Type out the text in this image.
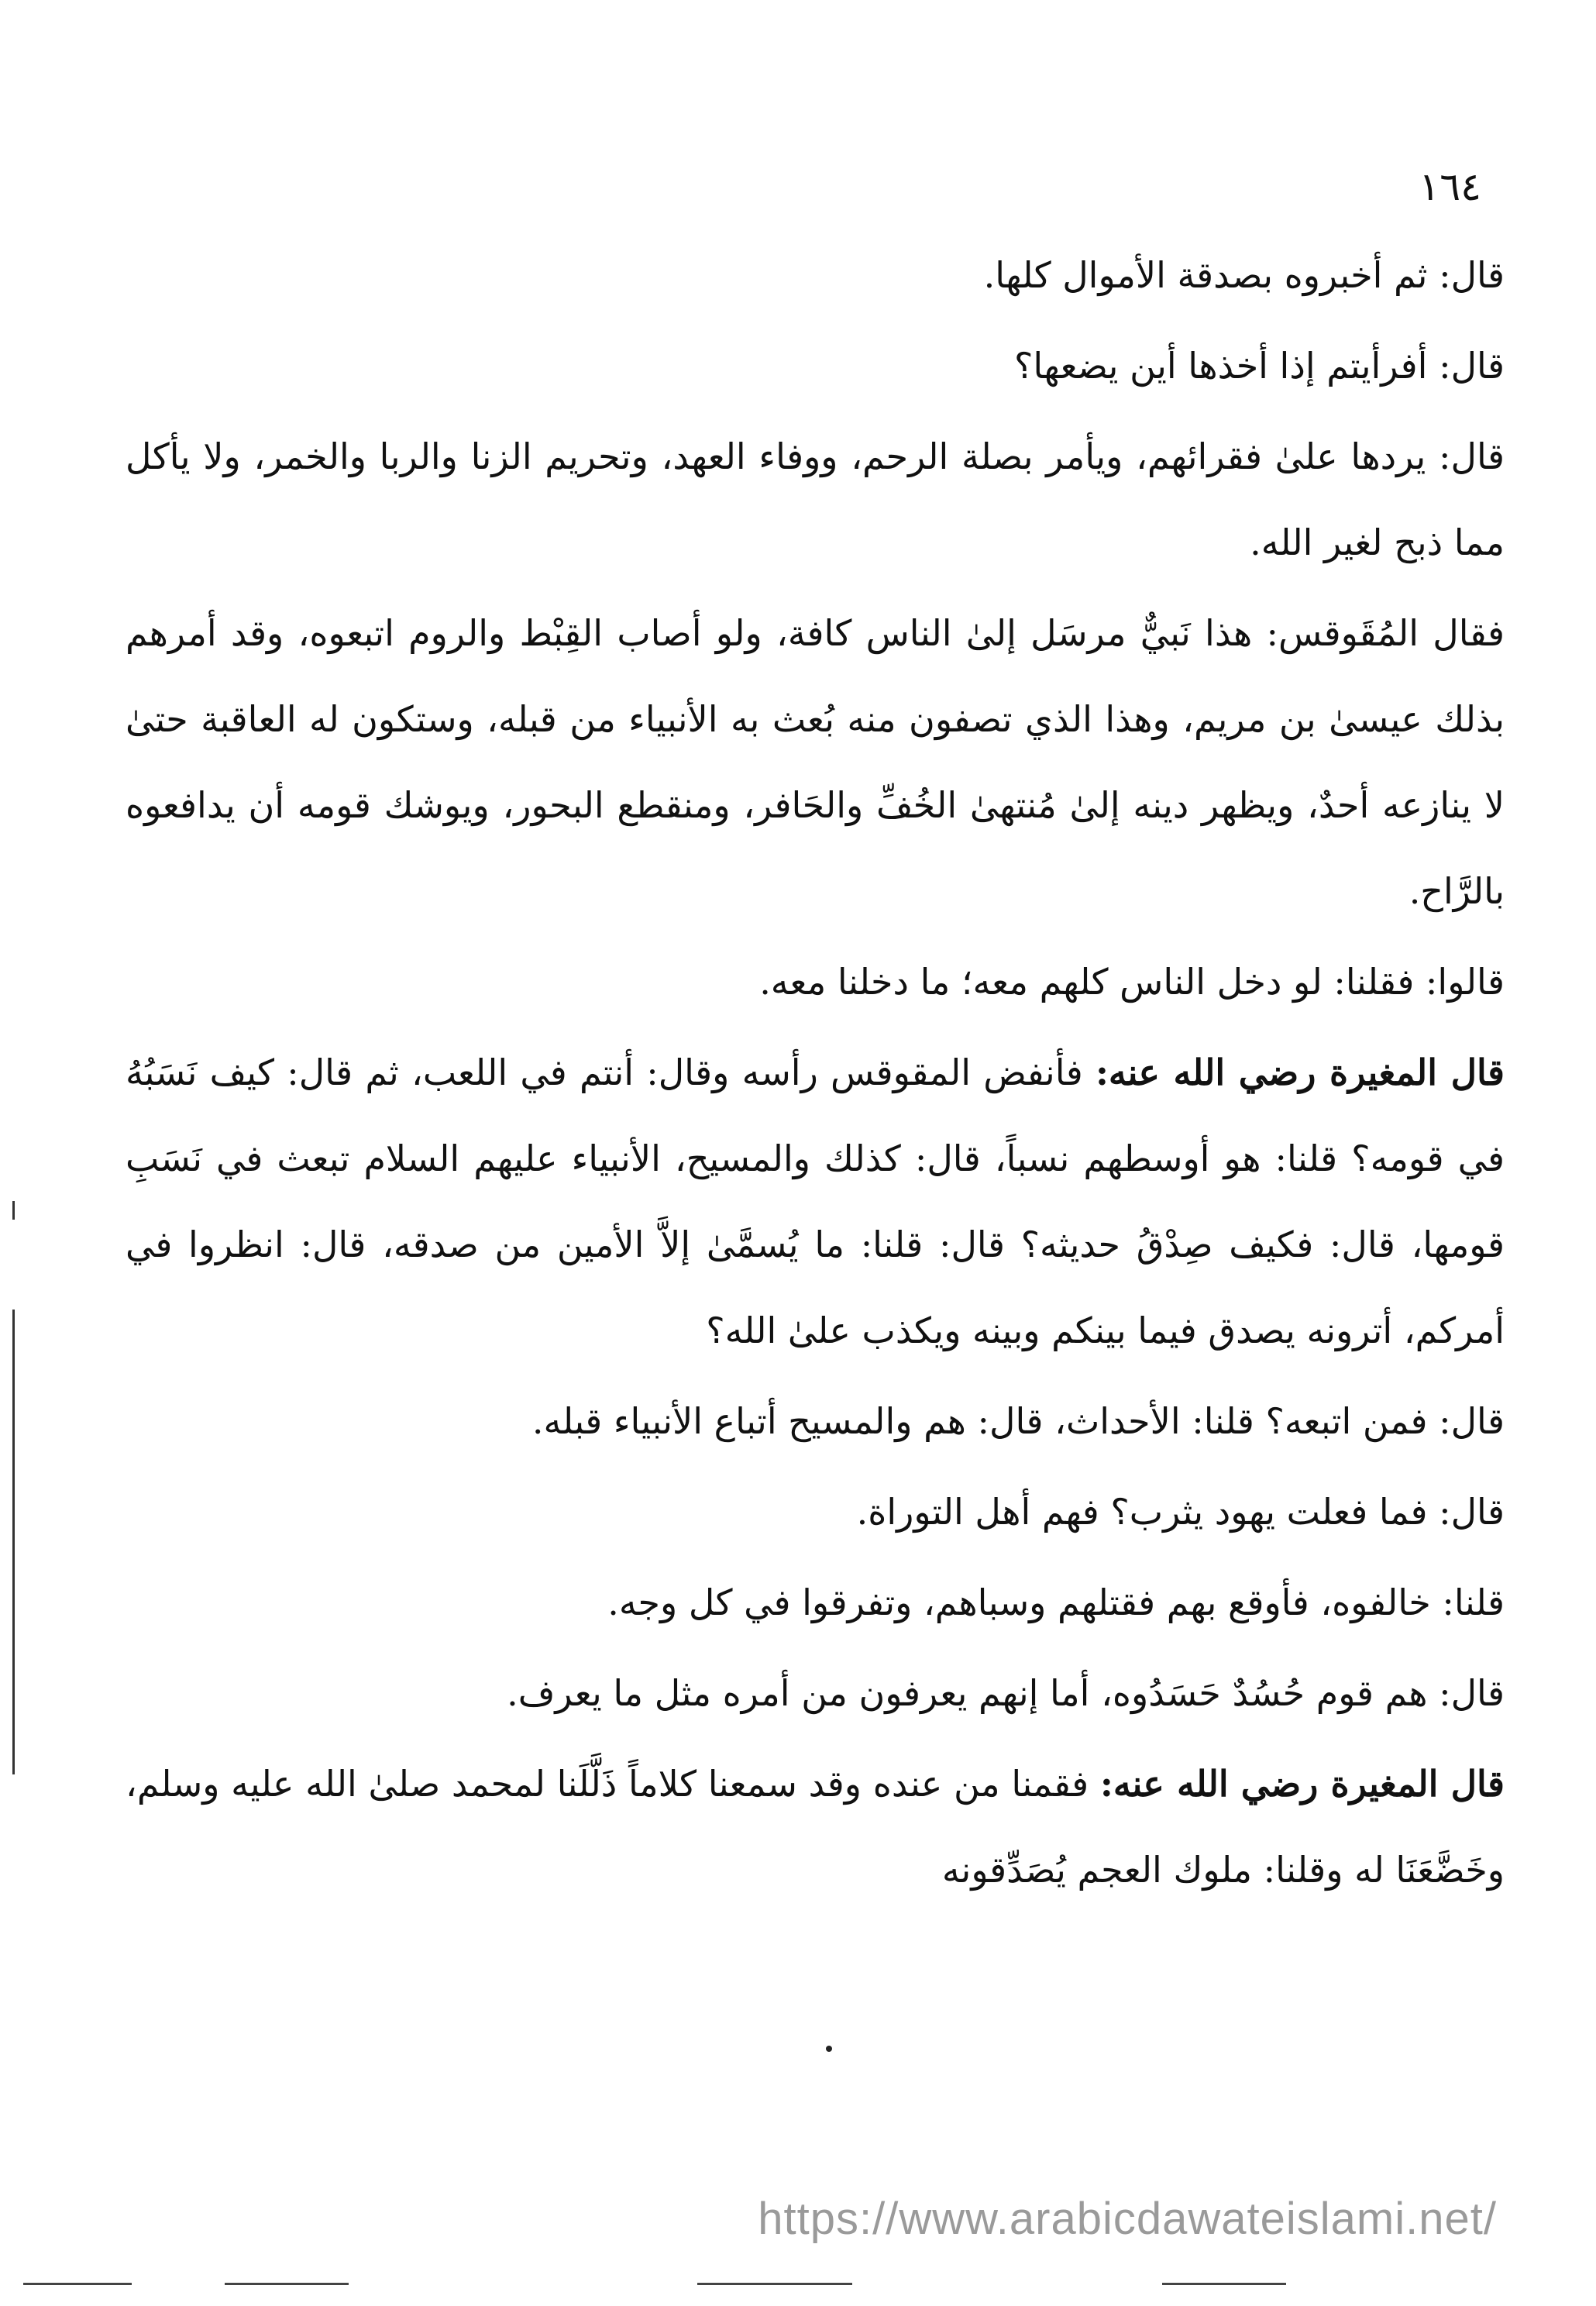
١٦٤

قال: ثم أخبروه بصدقة الأموال كلها.

قال: أفرأيتم إذا أخذها أين يضعها؟

قال: يردها علىٰ فقرائهم، ويأمر بصلة الرحم، ووفاء العهد، وتحريم الزنا والربا والخمر، ولا يأكل مما ذبح لغير الله.

فقال المُقَوقس: هذا نَبيٌّ مرسَل إلىٰ الناس كافة، ولو أصاب القِبْط والروم اتبعوه، وقد أمرهم بذلك عيسىٰ بن مريم، وهذا الذي تصفون منه بُعث به الأنبياء من قبله، وستكون له العاقبة حتىٰ لا ينازعه أحدٌ، ويظهر دينه إلىٰ مُنتهىٰ الخُفِّ والحَافر، ومنقطع البحور، ويوشك قومه أن يدافعوه بالرَّاح.

قالوا: فقلنا: لو دخل الناس كلهم معه؛ ما دخلنا معه.

قال المغيرة رضي الله عنه: فأنفض المقوقس رأسه وقال: أنتم في اللعب، ثم قال: كيف نَسَبُهُ في قومه؟ قلنا: هو أوسطهم نسباً، قال: كذلك والمسيح، الأنبياء عليهم السلام تبعث في نَسَبِ قومها، قال: فكيف صِدْقُ حديثه؟ قال: قلنا: ما يُسمَّىٰ إلاَّ الأمين من صدقه، قال: انظروا في أمركم، أترونه يصدق فيما بينكم وبينه ويكذب علىٰ الله؟

قال: فمن اتبعه؟ قلنا: الأحداث، قال: هم والمسيح أتباع الأنبياء قبله.

قال: فما فعلت يهود يثرب؟ فهم أهل التوراة.

قلنا: خالفوه، فأوقع بهم فقتلهم وسباهم، وتفرقوا في كل وجه.

قال: هم قوم حُسُدٌ حَسَدُوه، أما إنهم يعرفون من أمره مثل ما يعرف.

قال المغيرة رضي الله عنه: فقمنا من عنده وقد سمعنا كلاماً ذَلَّلَنا لمحمد صلىٰ الله عليه وسلم، وخَضَّعَنَا له وقلنا: ملوك العجم يُصَدِّقونه

https://www.arabicdawateislami.net/
